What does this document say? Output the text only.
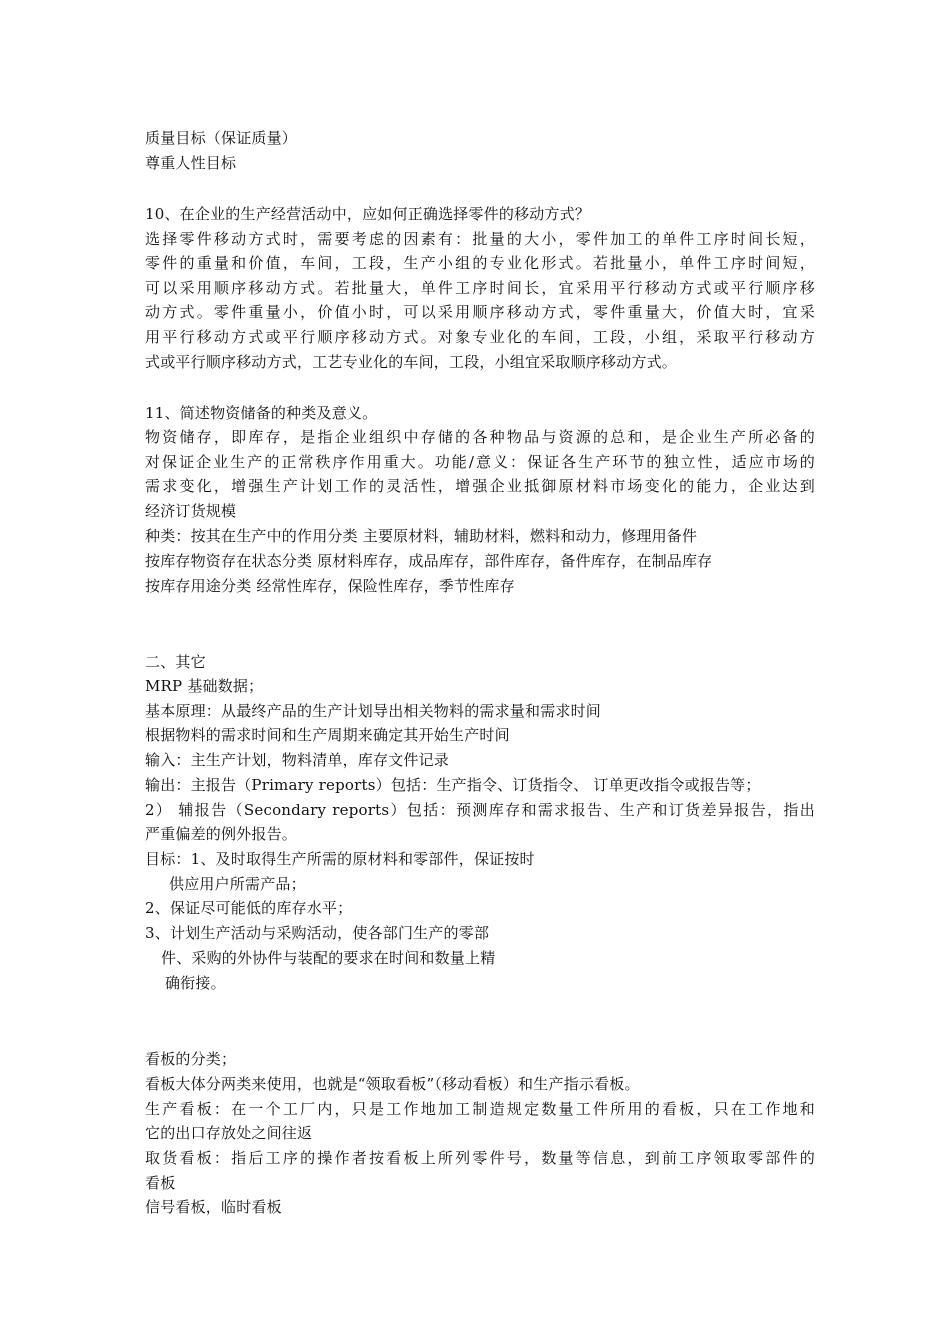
质量目标（保证质量）
尊重人性目标
10、在企业的生产经营活动中，应如何正确选择零件的移动方式？
选择零件移动方式时，需要考虑的因素有：批量的大小，零件加工的单件工序时间长短，
零件的重量和价值，车间，工段，生产小组的专业化形式。若批量小，单件工序时间短，
可以采用顺序移动方式。若批量大，单件工序时间长，宜采用平行移动方式或平行顺序移
动方式。零件重量小，价值小时，可以采用顺序移动方式，零件重量大，价值大时，宜采
用平行移动方式或平行顺序移动方式。对象专业化的车间，工段，小组，采取平行移动方
式或平行顺序移动方式，工艺专业化的车间，工段，小组宜采取顺序移动方式。
11、简述物资储备的种类及意义。
物资储存，即库存，是指企业组织中存储的各种物品与资源的总和，是企业生产所必备的
对保证企业生产的正常秩序作用重大。功能/意义：保证各生产环节的独立性，适应市场的
需求变化，增强生产计划工作的灵活性，增强企业抵御原材料市场变化的能力，企业达到
经济订货规模
种类：按其在生产中的作用分类 主要原材料，辅助材料，燃料和动力，修理用备件
按库存物资存在状态分类 原材料库存，成品库存，部件库存，备件库存，在制品库存
按库存用途分类 经常性库存，保险性库存，季节性库存
二、其它
MRP 基础数据；
基本原理：从最终产品的生产计划导出相关物料的需求量和需求时间
根据物料的需求时间和生产周期来确定其开始生产时间
输入：主生产计划，物料清单，库存文件记录
输出：主报告（Primary reports）包括：生产指令、订货指令、 订单更改指令或报告等；
2） 辅报告（Secondary reports）包括：预测库存和需求报告、生产和订货差异报告，指出
严重偏差的例外报告。
目标：1、及时取得生产所需的原材料和零部件，保证按时
供应用户所需产品；
2、保证尽可能低的库存水平；
3、计划生产活动与采购活动，使各部门生产的零部
件、采购的外协件与装配的要求在时间和数量上精
确衔接。
看板的分类；
看板大体分两类来使用，也就是“领取看板”（移动看板）和生产指示看板。
生产看板：在一个工厂内，只是工作地加工制造规定数量工件所用的看板，只在工作地和
它的出口存放处之间往返
取货看板：指后工序的操作者按看板上所列零件号，数量等信息，到前工序领取零部件的
看板
信号看板，临时看板
